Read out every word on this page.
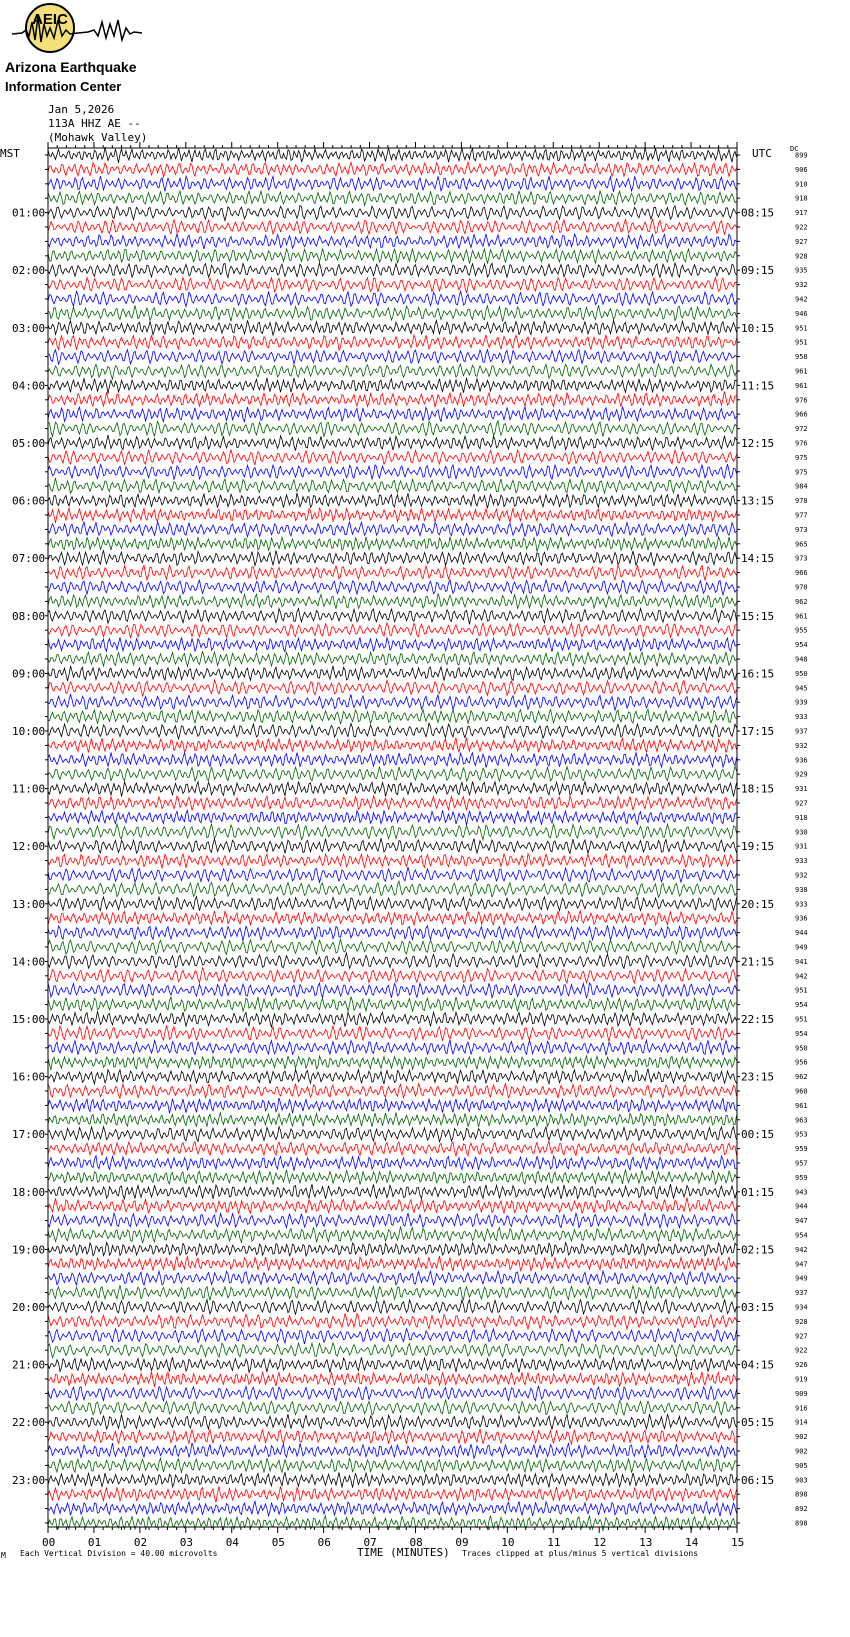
AEIC
Arizona Earthquake
Information Center
Jan 5,2026
113A HHZ AE --
(Mohawk Valley)
899
906
910
918
917
922
927
928
935
932
942
946
951
951
958
961
961
976
966
972
976
975
975
984
978
977
973
965
973
966
970
962
961
955
954
948
950
945
939
933
937
932
936
929
931
927
918
930
931
933
932
938
933
936
944
949
941
942
951
954
951
954
950
956
962
960
961
963
953
959
957
959
943
944
947
954
942
947
949
937
934
928
927
922
926
919
909
916
914
902
902
905
903
898
892
898
00	01	02	03	04	05	06	07	08	09	10	11	12	13	14	15
01:00	08:15
02:00	09:15
03:00	10:15
04:00	11:15
05:00	12:15
06:00	13:15
07:00	14:15
08:00	15:15
09:00	16:15
10:00	17:15
11:00	18:15
12:00	19:15
13:00	20:15
14:00	21:15
15:00	22:15
16:00	23:15
17:00	00:15
18:00	01:15
19:00	02:15
20:00	03:15
21:00	04:15
22:00	05:15
23:00	06:15
MST	UTC	DC
TIME (MINUTES)
Each Vertical Division = 40.00 microvolts	Traces clipped at plus/minus 5 vertical divisions
M
